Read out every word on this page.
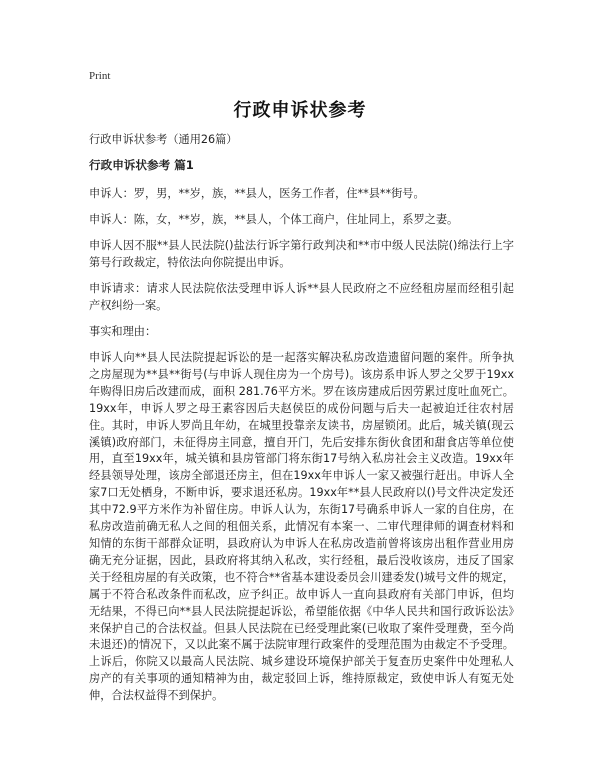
Print
行政申诉状参考

行政申诉状参考（通用26篇）

行政申诉状参考 篇1

申诉人：罗，男，**岁，族，**县人，医务工作者，住**县**街号。

申诉人：陈，女，**岁，族，**县人，个体工商户，住址同上，系罗之妻。

申诉人因不服**县人民法院()盐法行诉字第行政判决和**市中级人民法院()绵法行上字第号行政裁定，特依法向你院提出申诉。

申诉请求：请求人民法院依法受理申诉人诉**县人民政府之不应经租房屋而经租引起产权纠纷一案。

事实和理由：

申诉人向**县人民法院提起诉讼的是一起落实解决私房改造遗留问题的案件。所争执之房屋现为**县**街号(与申诉人现住房为一个房号)。该房系申诉人罗之父罗于19xx年购得旧房后改建而成，面积 281.76平方米。罗在该房建成后因劳累过度吐血死亡。19xx年，申诉人罗之母王素容因后夫赵侯臣的成份问题与后夫一起被迫迁往农村居住。其时，申诉人罗尚且年幼，在城里投靠亲友读书，房屋锁闭。此后，城关镇(现云溪镇)政府部门，未征得房主同意，擅自开门，先后安排东街伙食团和甜食店等单位使用，直至19xx年，城关镇和县房管部门将东街17号纳入私房社会主义改造。19xx年经县领导处理，该房全部退还房主，但在19xx年申诉人一家又被强行赶出。申诉人全家7口无处栖身，不断申诉，要求退还私房。19xx年**县人民政府以()号文件决定发还其中72.9平方米作为补留住房。申诉人认为，东街17号确系申诉人一家的自住房，在私房改造前确无私人之间的租佃关系，此情况有本案一、二审代理律师的调查材料和知情的东街干部群众证明，县政府认为申诉人在私房改造前曾将该房出租作营业用房确无充分证据，因此，县政府将其纳入私改，实行经租，最后没收该房，违反了国家关于经租房屋的有关政策，也不符合**省基本建设委员会川建委发()城号文件的规定，属于不符合私改条件而私改，应予纠正。故申诉人一直向县政府有关部门申诉，但均无结果，不得已向**县人民法院提起诉讼，希望能依据《中华人民共和国行政诉讼法》来保护自己的合法权益。但县人民法院在已经受理此案(已收取了案件受理费，至今尚未退还)的情况下，又以此案不属于法院审理行政案件的受理范围为由裁定不予受理。上诉后，你院又以最高人民法院、城乡建设环境保护部关于复查历史案件中处理私人房产的有关事项的通知精神为由，裁定驳回上诉，维持原裁定，致使申诉人有冤无处伸，合法权益得不到保护。
